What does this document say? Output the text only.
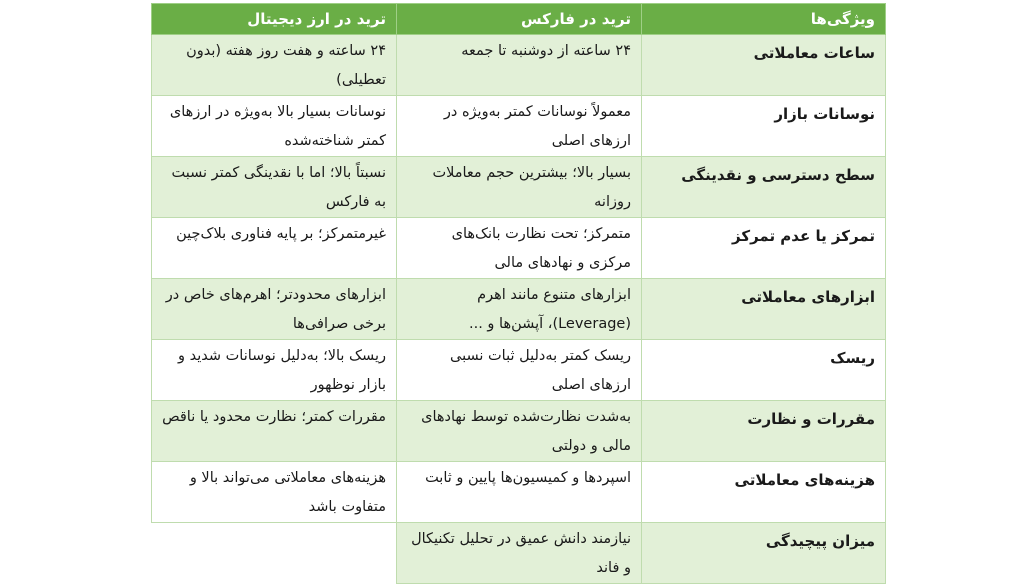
ویژگی‌ها	ترید در فارکس	ترید در ارز دیجیتال
ساعات معاملاتی	۲۴ ساعته از دوشنبه تا جمعه	۲۴ ساعته و هفت روز هفته (بدون تعطیلی)
نوسانات بازار	معمولاً نوسانات کمتر به‌ویژه در ارزهای اصلی	نوسانات بسیار بالا به‌ویژه در ارزهای کمتر شناخته‌شده
سطح دسترسی و نقدینگی	بسیار بالا؛ بیشترین حجم معاملات روزانه	نسبتاً بالا؛ اما با نقدینگی کمتر نسبت به فارکس
تمرکز یا عدم تمرکز	متمرکز؛ تحت نظارت بانک‌های مرکزی و نهادهای مالی	غیرمتمرکز؛ بر پایه فناوری بلاک‌چین
ابزارهای معاملاتی	ابزارهای متنوع مانند اهرم (Leverage)، آپشن‌ها و ...	ابزارهای محدودتر؛ اهرم‌های خاص در برخی صرافی‌ها
ریسک	ریسک کمتر به‌دلیل ثبات نسبی ارزهای اصلی	ریسک بالا؛ به‌دلیل نوسانات شدید و بازار نوظهور
مقررات و نظارت	به‌شدت نظارت‌شده توسط نهادهای مالی و دولتی	مقررات کمتر؛ نظارت محدود یا ناقص
هزینه‌های معاملاتی	اسپردها و کمیسیون‌ها پایین و ثابت	هزینه‌های معاملاتی می‌تواند بالا و متفاوت باشد
میزان پیچیدگی	نیازمند دانش عمیق در تحلیل تکنیکال و فاند	
